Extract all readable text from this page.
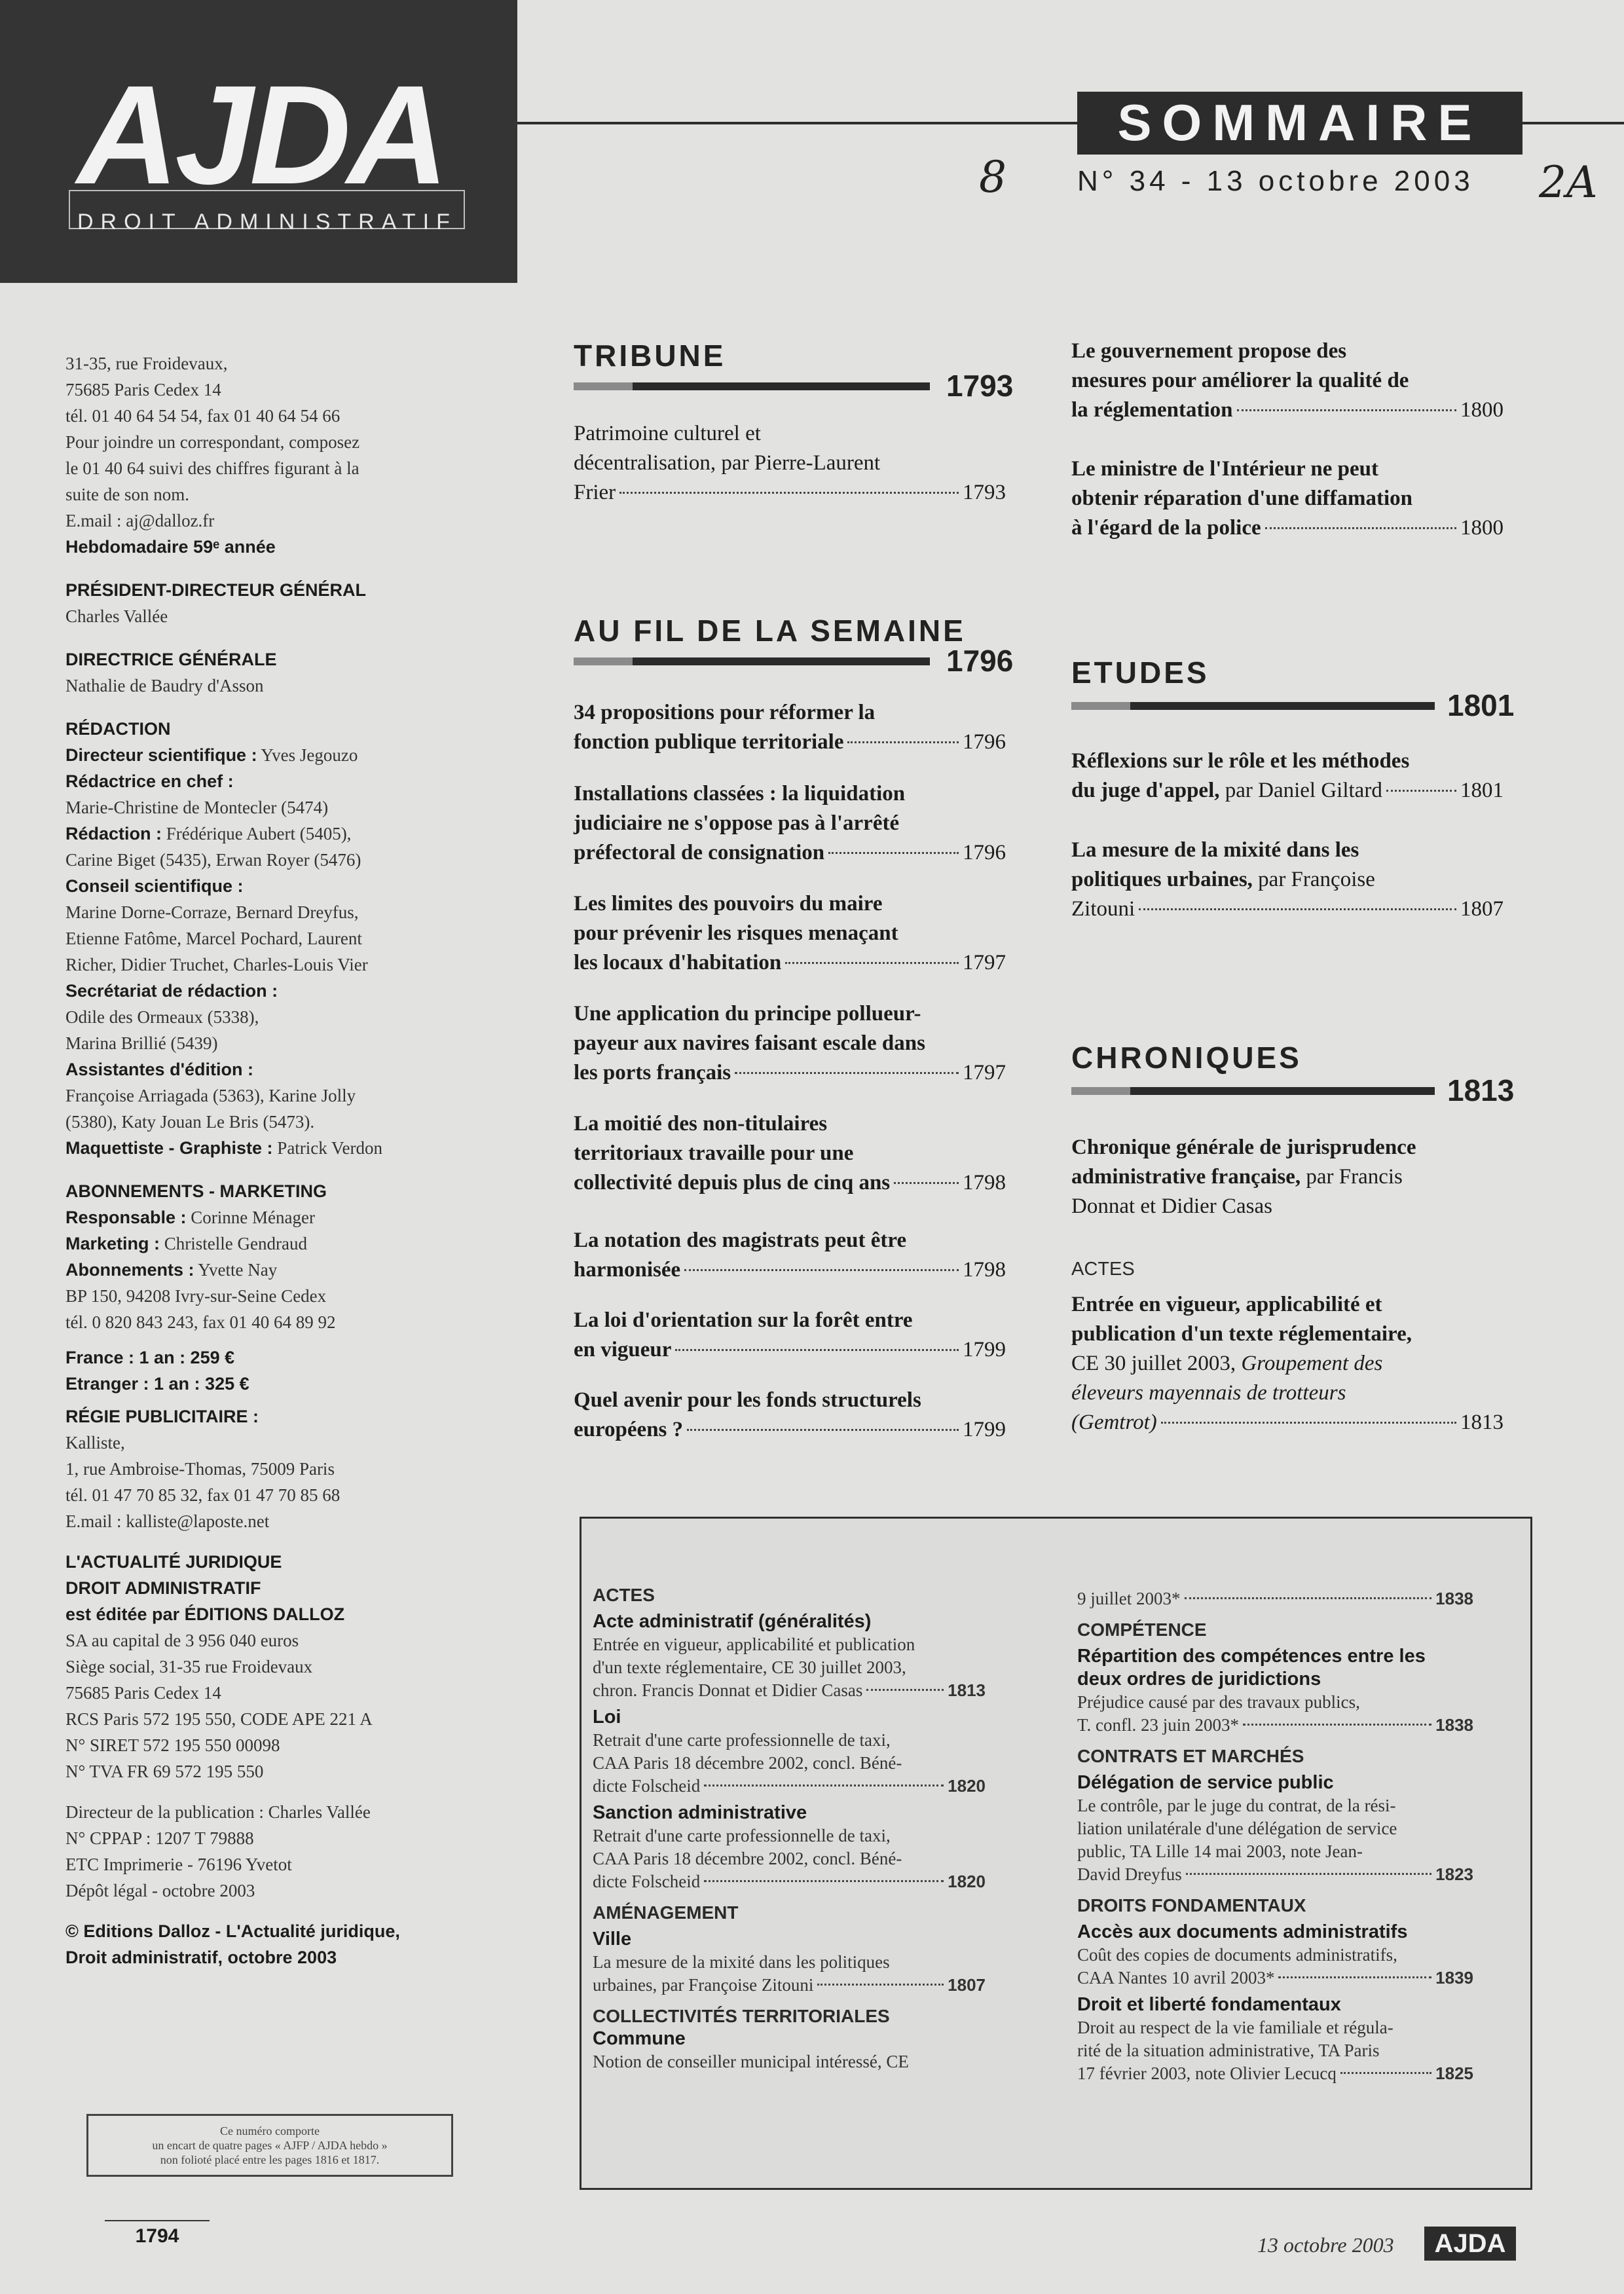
AJDA
DROIT ADMINISTRATIF
SOMMAIRE
N° 34 - 13 octobre 2003
8	2A
31-35, rue Froidevaux,
75685 Paris Cedex 14
tél. 01 40 64 54 54, fax 01 40 64 54 66
Pour joindre un correspondant, composez
le 01 40 64 suivi des chiffres figurant à la
suite de son nom.
E.mail : aj@dalloz.fr
Hebdomadaire 59ᵉ année
PRÉSIDENT-DIRECTEUR GÉNÉRAL
Charles Vallée
DIRECTRICE GÉNÉRALE
Nathalie de Baudry d'Asson
RÉDACTION
Directeur scientifique : Yves Jegouzo
Rédactrice en chef :
Marie-Christine de Montecler (5474)
Rédaction : Frédérique Aubert (5405),
Carine Biget (5435), Erwan Royer (5476)
Conseil scientifique :
Marine Dorne-Corraze, Bernard Dreyfus,
Etienne Fatôme, Marcel Pochard, Laurent
Richer, Didier Truchet, Charles-Louis Vier
Secrétariat de rédaction :
Odile des Ormeaux (5338),
Marina Brillié (5439)
Assistantes d'édition :
Françoise Arriagada (5363), Karine Jolly
(5380), Katy Jouan Le Bris (5473).
Maquettiste - Graphiste : Patrick Verdon
ABONNEMENTS - MARKETING
Responsable : Corinne Ménager
Marketing : Christelle Gendraud
Abonnements : Yvette Nay
BP 150, 94208 Ivry-sur-Seine Cedex
tél. 0 820 843 243, fax 01 40 64 89 92
France : 1 an : 259 €
Etranger : 1 an : 325 €
RÉGIE PUBLICITAIRE :
Kalliste,
1, rue Ambroise-Thomas, 75009 Paris
tél. 01 47 70 85 32, fax 01 47 70 85 68
E.mail : kalliste@laposte.net
L'ACTUALITÉ JURIDIQUE
DROIT ADMINISTRATIF
est éditée par ÉDITIONS DALLOZ
SA au capital de 3 956 040 euros
Siège social, 31-35 rue Froidevaux
75685 Paris Cedex 14
RCS Paris 572 195 550, CODE APE 221 A
N° SIRET 572 195 550 00098
N° TVA FR 69 572 195 550
Directeur de la publication : Charles Vallée
N° CPPAP : 1207 T 79888
ETC Imprimerie - 76196 Yvetot
Dépôt légal - octobre 2003
© Editions Dalloz - L'Actualité juridique,
Droit administratif, octobre 2003
Ce numéro comporte
un encart de quatre pages « AJFP / AJDA hebdo »
non folioté placé entre les pages 1816 et 1817.
1794
TRIBUNE
1793
Patrimoine culturel et
décentralisation, par Pierre-Laurent
Frier	1793
AU FIL DE LA SEMAINE
1796
34 propositions pour réformer la
fonction publique territoriale	1796
Installations classées : la liquidation
judiciaire ne s'oppose pas à l'arrêté
préfectoral de consignation	1796
Les limites des pouvoirs du maire
pour prévenir les risques menaçant
les locaux d'habitation	1797
Une application du principe pollueur-
payeur aux navires faisant escale dans
les ports français	1797
La moitié des non-titulaires
territoriaux travaille pour une
collectivité depuis plus de cinq ans	1798
La notation des magistrats peut être
harmonisée	1798
La loi d'orientation sur la forêt entre
en vigueur	1799
Quel avenir pour les fonds structurels
européens ?	1799
Le gouvernement propose des
mesures pour améliorer la qualité de
la réglementation	1800
Le ministre de l'Intérieur ne peut
obtenir réparation d'une diffamation
à l'égard de la police	1800
ETUDES
1801
Réflexions sur le rôle et les méthodes
du juge d'appel, par Daniel Giltard	1801
La mesure de la mixité dans les
politiques urbaines, par Françoise
Zitouni	1807
CHRONIQUES
1813
Chronique générale de jurisprudence
administrative française, par Francis
Donnat et Didier Casas
ACTES
Entrée en vigueur, applicabilité et
publication d'un texte réglementaire,
CE 30 juillet 2003, Groupement des
éleveurs mayennais de trotteurs
(Gemtrot)	1813
ACTES
Acte administratif (généralités)
Entrée en vigueur, applicabilité et publication
d'un texte réglementaire, CE 30 juillet 2003,
chron. Francis Donnat et Didier Casas	1813
Loi
Retrait d'une carte professionnelle de taxi,
CAA Paris 18 décembre 2002, concl. Béné-
dicte Folscheid	1820
Sanction administrative
Retrait d'une carte professionnelle de taxi,
CAA Paris 18 décembre 2002, concl. Béné-
dicte Folscheid	1820
AMÉNAGEMENT
Ville
La mesure de la mixité dans les politiques
urbaines, par Françoise Zitouni	1807
COLLECTIVITÉS TERRITORIALES
Commune
Notion de conseiller municipal intéressé, CE
9 juillet 2003*	1838
COMPÉTENCE
Répartition des compétences entre les deux ordres de juridictions
Préjudice causé par des travaux publics,
T. confl. 23 juin 2003*	1838
CONTRATS ET MARCHÉS
Délégation de service public
Le contrôle, par le juge du contrat, de la rési-
liation unilatérale d'une délégation de service
public, TA Lille 14 mai 2003, note Jean-
David Dreyfus	1823
DROITS FONDAMENTAUX
Accès aux documents administratifs
Coût des copies de documents administratifs,
CAA Nantes 10 avril 2003*	1839
Droit et liberté fondamentaux
Droit au respect de la vie familiale et régula-
rité de la situation administrative, TA Paris
17 février 2003, note Olivier Lecucq	1825
13 octobre 2003	AJDA
